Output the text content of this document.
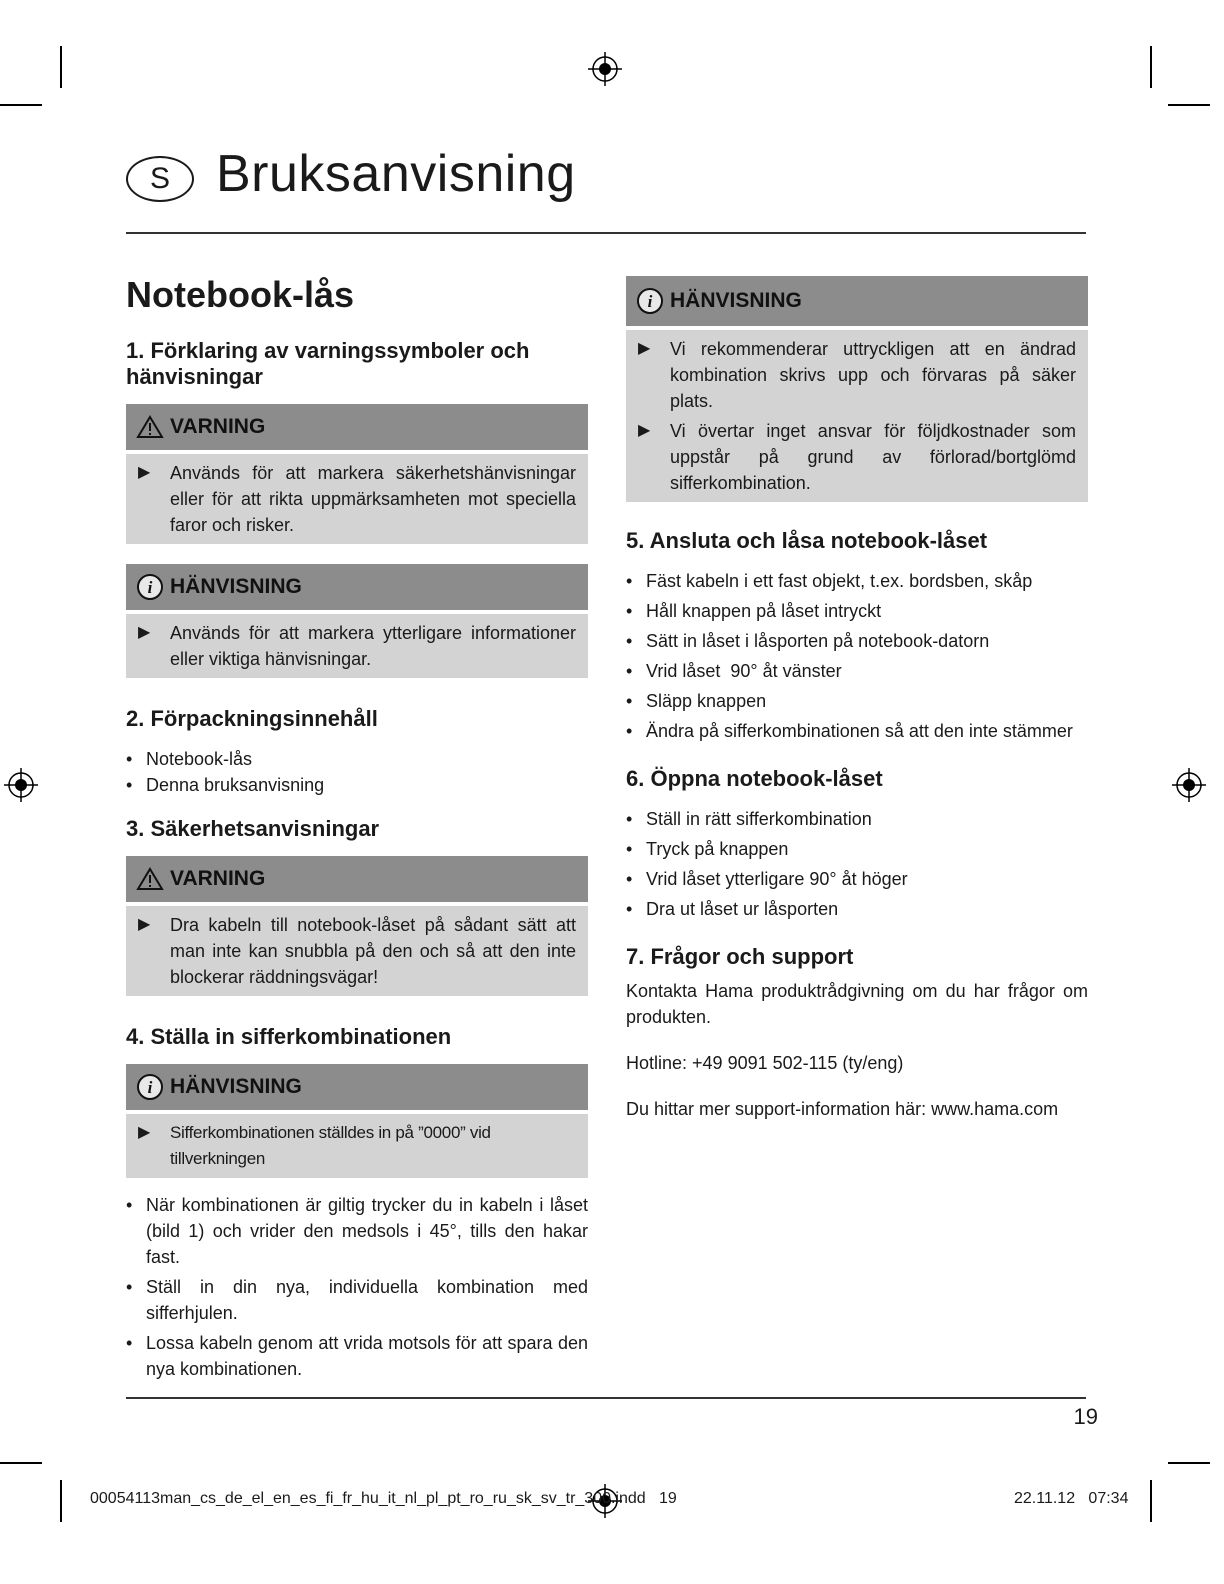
S Bruksanvisning
Notebook-lås
1. Förklaring av varningssymboler och hänvisningar
VARNING
▶	Används för att markera säkerhetshänvisningar eller för att rikta uppmärksamheten mot speciella faror och risker.
i HÄNVISNING
▶	Används för att markera ytterligare informationer eller viktiga hänvisningar.
2. Förpackningsinnehåll
• Notebook-lås
• Denna bruksanvisning
3. Säkerhetsanvisningar
VARNING
▶	Dra kabeln till notebook-låset på sådant sätt att man inte kan snubbla på den och så att den inte blockerar räddningsvägar!
4. Ställa in sifferkombinationen
i HÄNVISNING
▶	Sifferkombinationen ställdes in på ”0000” vid tillverkningen
• När kombinationen är giltig trycker du in kabeln i låset (bild 1) och vrider den medsols i 45°, tills den hakar fast.
• Ställ in din nya, individuella kombination med sifferhjulen.
• Lossa kabeln genom att vrida motsols för att spara den nya kombinationen.
i HÄNVISNING
▶	Vi rekommenderar uttryckligen att en ändrad kombination skrivs upp och förvaras på säker plats.
▶	Vi övertar inget ansvar för följdkostnader som uppstår på grund av förlorad/bortglömd sifferkombination.
5. Ansluta och låsa notebook-låset
• Fäst kabeln i ett fast objekt, t.ex. bordsben, skåp
• Håll knappen på låset intryckt
• Sätt in låset i låsporten på notebook-datorn
• Vrid låset  90° åt vänster
• Släpp knappen
• Ändra på sifferkombinationen så att den inte stämmer
6. Öppna notebook-låset
• Ställ in rätt sifferkombination
• Tryck på knappen
• Vrid låset ytterligare 90° åt höger
• Dra ut låset ur låsporten
7. Frågor och support

Kontakta Hama produktrådgivning om du har frågor om produkten.

Hotline: +49 9091 502-115 (ty/eng)

Du hittar mer support-information här: www.hama.com

19
00054113man_cs_de_el_en_es_fi_fr_hu_it_nl_pl_pt_ro_ru_sk_sv_tr_300.indd   19	22.11.12   07:34
